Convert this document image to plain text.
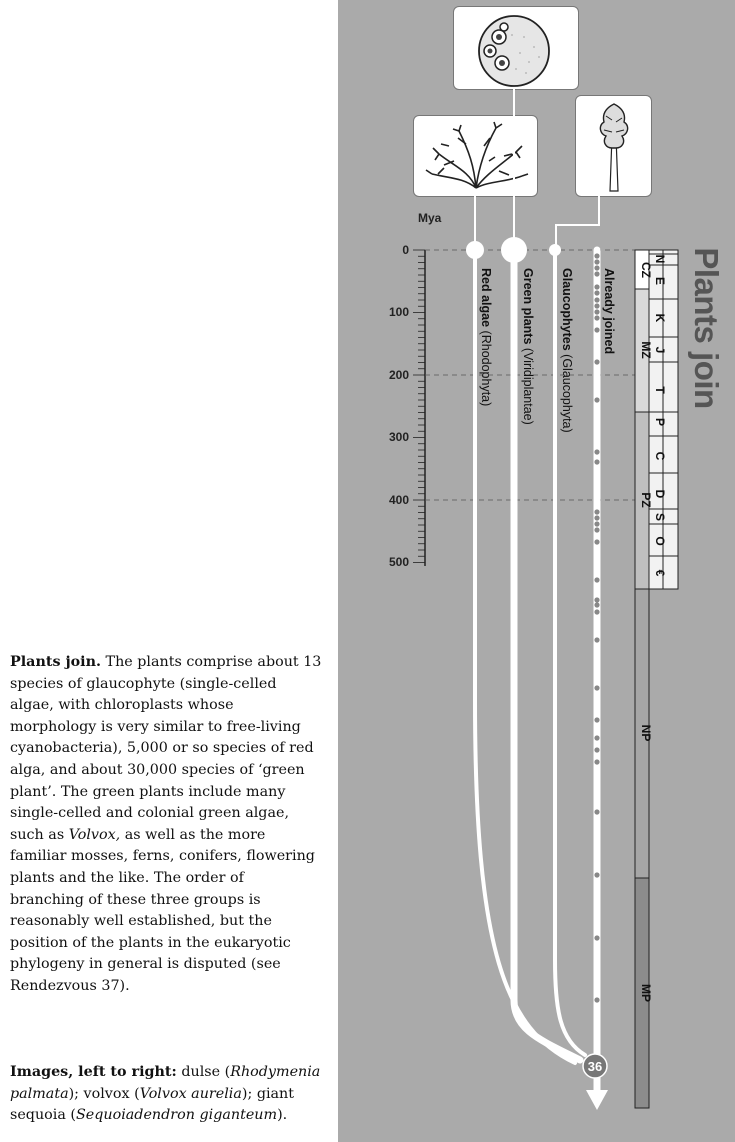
0
100
200
300
400
500
Mya
36
Red algae (Rhodophyta)
Green plants (Viridiplantae)
Glaucophytes (Glaucophyta)
Already joined CZ
MZ
PZ
NP
MP
N
E
K
J
T
P
C
D
S
O
€
Plants join
Plants join. The plants comprise about 13 species of glaucophyte (single-celled algae, with chloroplasts whose morphology is very similar to free-living cyanobacteria), 5,000 or so species of red alga, and about 30,000 species of ‘green plant’. The green plants include many single-celled and colonial green algae, such as Volvox, as well as the more familiar mosses, ferns, conifers, flowering plants and the like. The order of branching of these three groups is reasonably well established, but the position of the plants in the eukaryotic phylogeny in general is disputed (see Rendezvous 37).
Images, left to right: dulse (Rhodymenia palmata); volvox (Volvox aurelia); giant sequoia (Sequoiadendron giganteum).
